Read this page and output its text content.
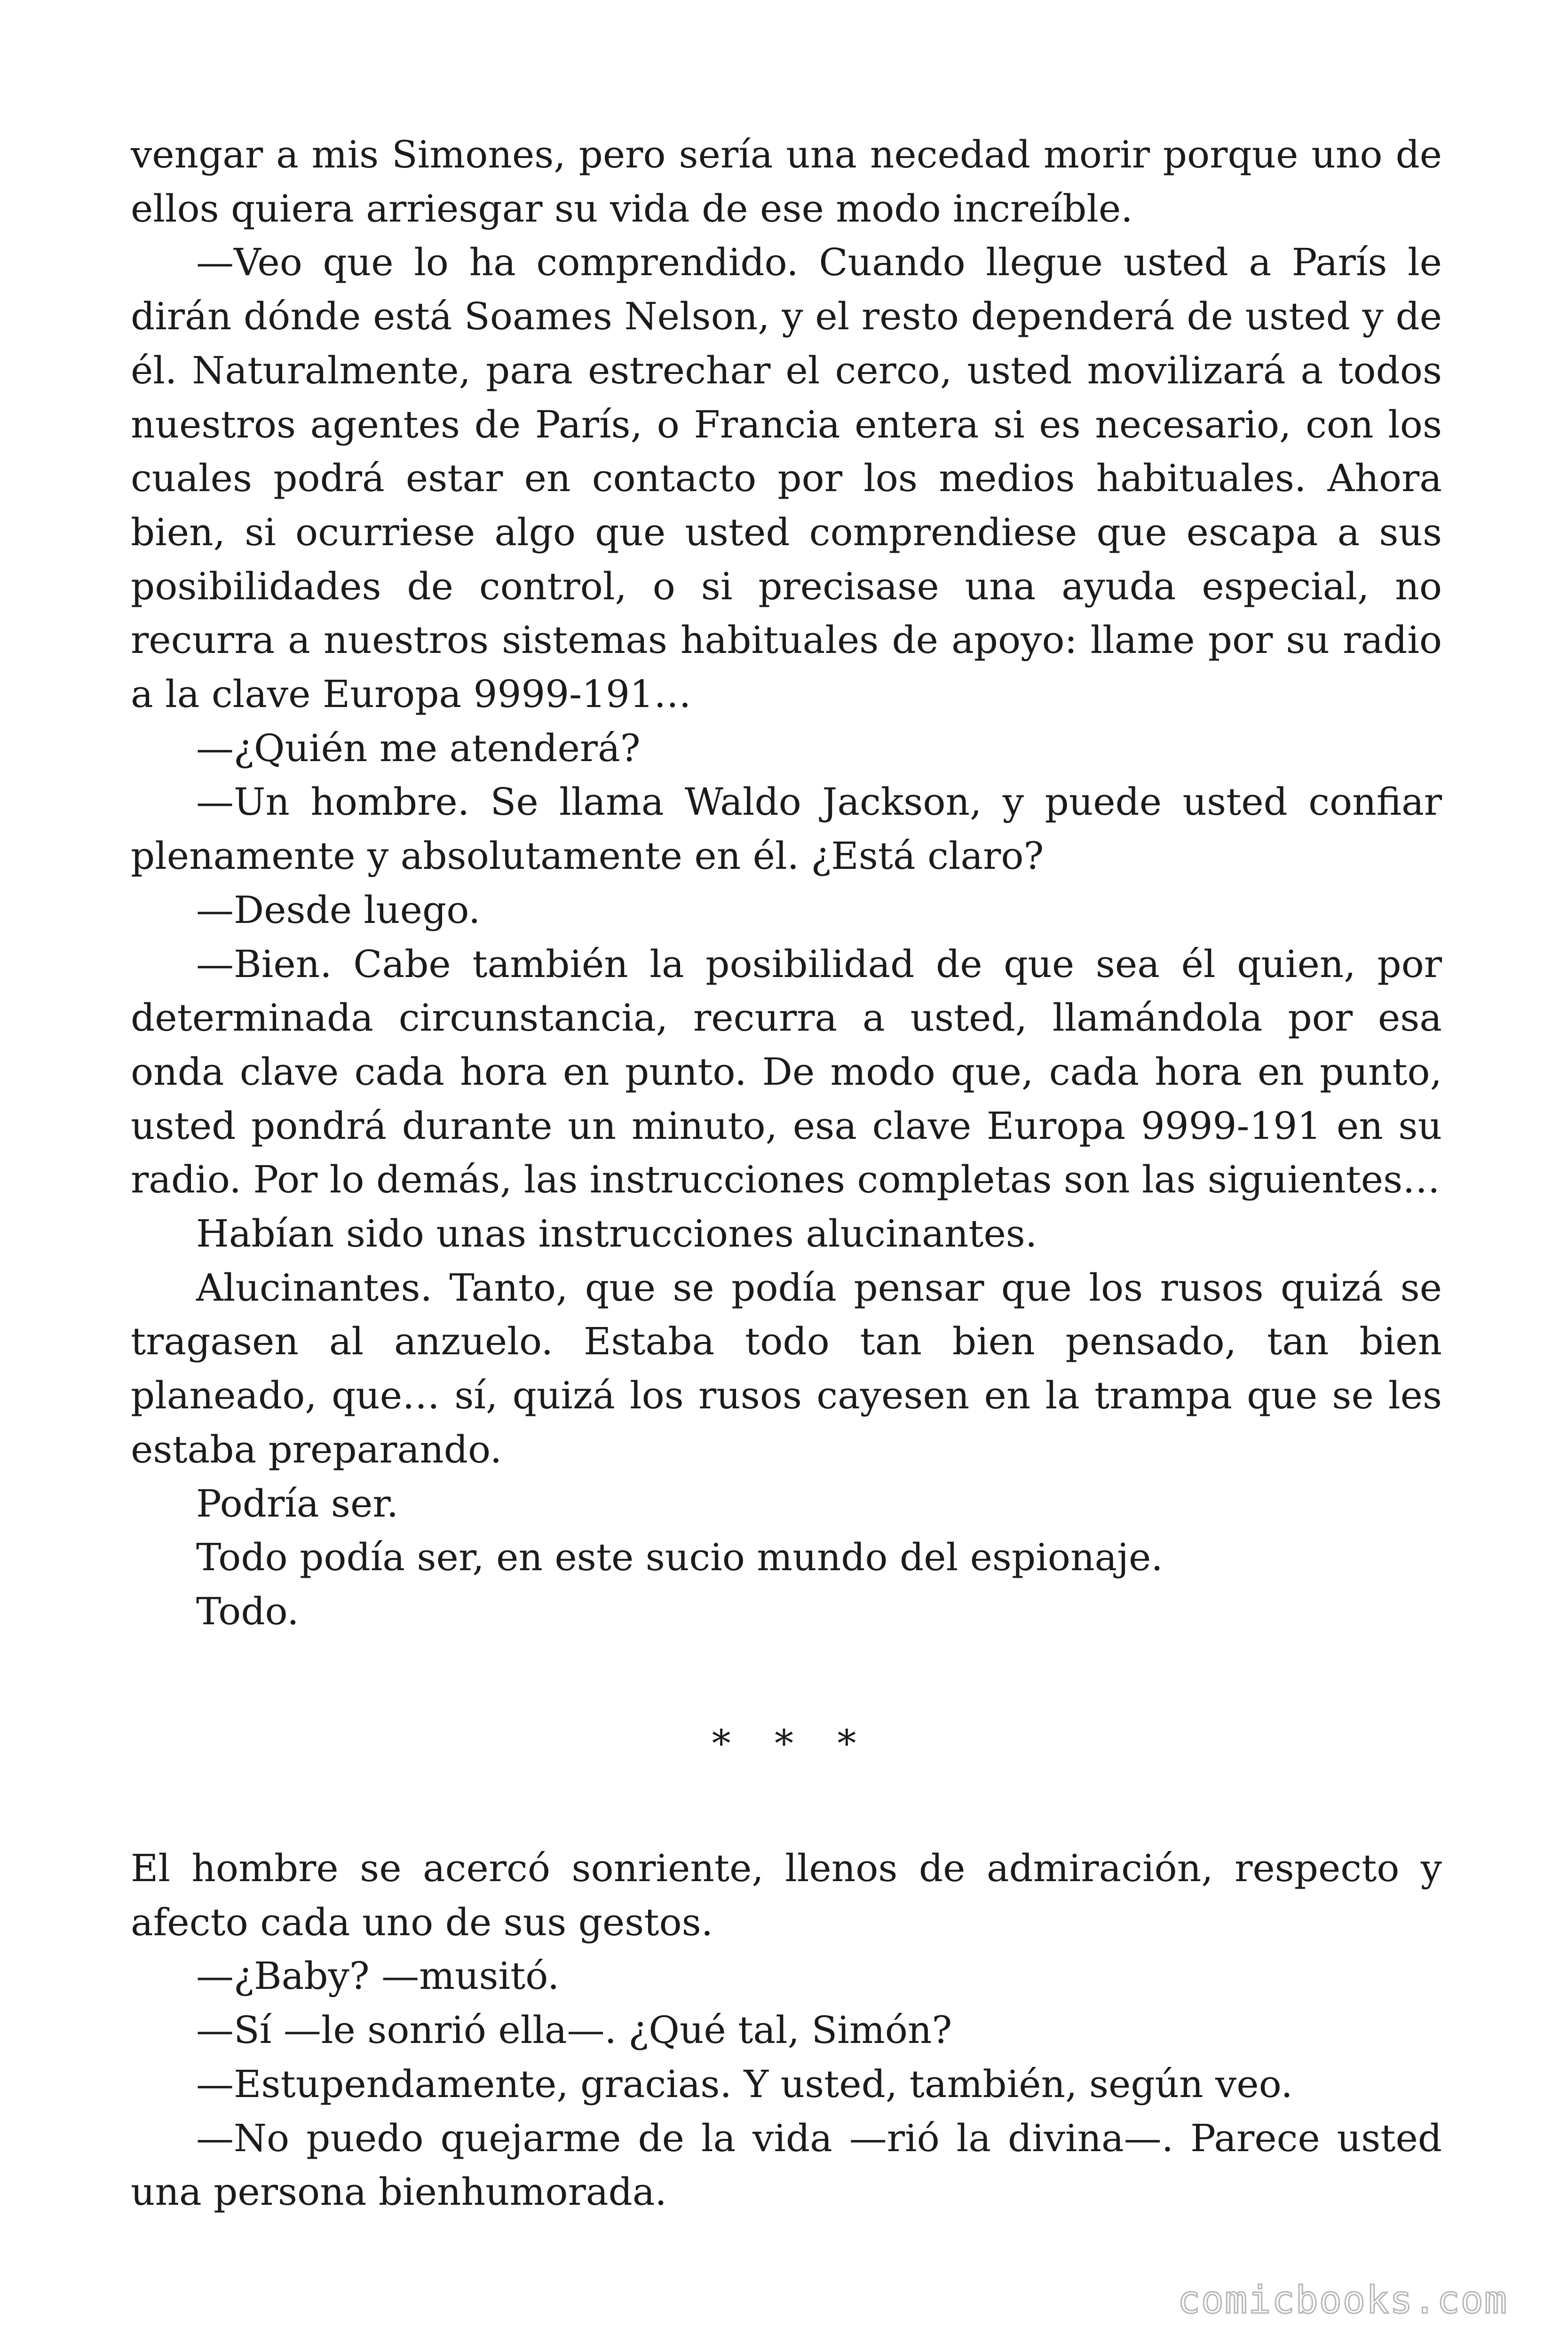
vengar a mis Simones, pero sería una necedad morir porque uno de ellos quiera arriesgar su vida de ese modo increíble.

—Veo que lo ha comprendido. Cuando llegue usted a París le dirán dónde está Soames Nelson, y el resto dependerá de usted y de él. Naturalmente, para estrechar el cerco, usted movilizará a todos nuestros agentes de París, o Francia entera si es necesario, con los cuales podrá estar en contacto por los medios habituales. Ahora bien, si ocurriese algo que usted comprendiese que escapa a sus posibilidades de control, o si precisase una ayuda especial, no recurra a nuestros sistemas habituales de apoyo: llame por su radio a la clave Europa 9999-191…

—¿Quién me atenderá?

—Un hombre. Se llama Waldo Jackson, y puede usted confiar plenamente y absolutamente en él. ¿Está claro?

—Desde luego.

—Bien. Cabe también la posibilidad de que sea él quien, por determinada circunstancia, recurra a usted, llamándola por esa onda clave cada hora en punto. De modo que, cada hora en punto, usted pondrá durante un minuto, esa clave Europa 9999-191 en su radio. Por lo demás, las instrucciones completas son las siguientes…

Habían sido unas instrucciones alucinantes.

Alucinantes. Tanto, que se podía pensar que los rusos quizá se tragasen al anzuelo. Estaba todo tan bien pensado, tan bien planeado, que… sí, quizá los rusos cayesen en la trampa que se les estaba preparando.

Podría ser.

Todo podía ser, en este sucio mundo del espionaje.

Todo.

* * *

El hombre se acercó sonriente, llenos de admiración, respecto y afecto cada uno de sus gestos.

—¿Baby? —musitó.

—Sí —le sonrió ella—. ¿Qué tal, Simón?

—Estupendamente, gracias. Y usted, también, según veo.

—No puedo quejarme de la vida —rió la divina—. Parece usted una persona bienhumorada.

comicbooks.com
